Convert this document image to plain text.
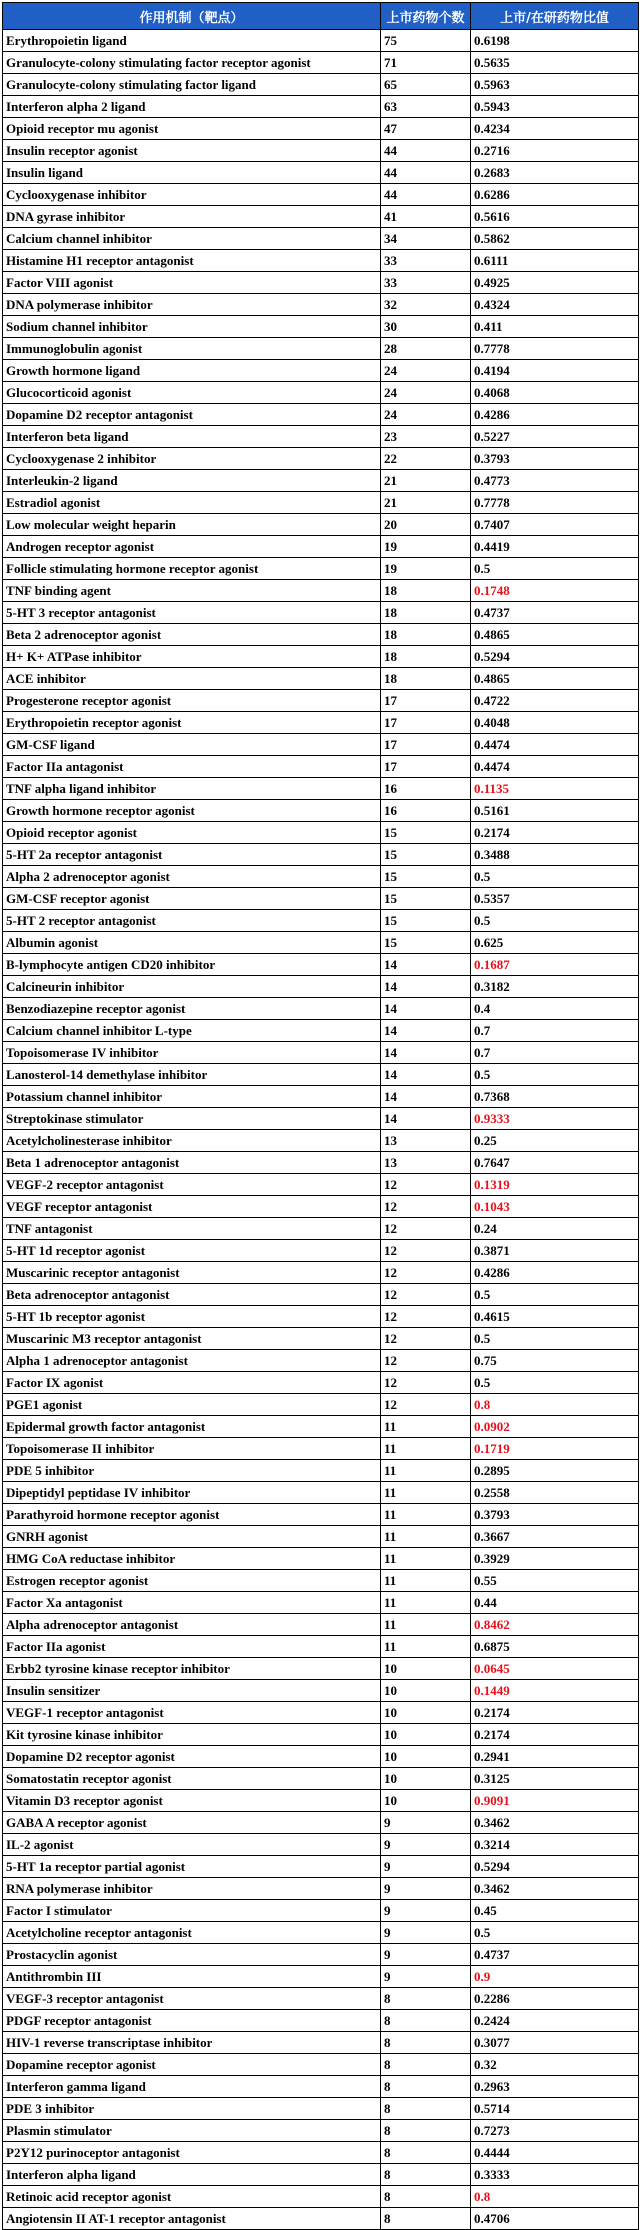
作用机制（靶点）	上市药物个数	上市/在研药物比值
Erythropoietin ligand	75	0.6198
Granulocyte-colony stimulating factor receptor agonist	71	0.5635
Granulocyte-colony stimulating factor ligand	65	0.5963
Interferon alpha 2 ligand	63	0.5943
Opioid receptor mu agonist	47	0.4234
Insulin receptor agonist	44	0.2716
Insulin ligand	44	0.2683
Cyclooxygenase inhibitor	44	0.6286
DNA gyrase inhibitor	41	0.5616
Calcium channel inhibitor	34	0.5862
Histamine H1 receptor antagonist	33	0.6111
Factor VIII agonist	33	0.4925
DNA polymerase inhibitor	32	0.4324
Sodium channel inhibitor	30	0.411
Immunoglobulin agonist	28	0.7778
Growth hormone ligand	24	0.4194
Glucocorticoid agonist	24	0.4068
Dopamine D2 receptor antagonist	24	0.4286
Interferon beta ligand	23	0.5227
Cyclooxygenase 2 inhibitor	22	0.3793
Interleukin-2 ligand	21	0.4773
Estradiol agonist	21	0.7778
Low molecular weight heparin	20	0.7407
Androgen receptor agonist	19	0.4419
Follicle stimulating hormone receptor agonist	19	0.5
TNF binding agent	18	0.1748
5-HT 3 receptor antagonist	18	0.4737
Beta 2 adrenoceptor agonist	18	0.4865
H+ K+ ATPase inhibitor	18	0.5294
ACE inhibitor	18	0.4865
Progesterone receptor agonist	17	0.4722
Erythropoietin receptor agonist	17	0.4048
GM-CSF ligand	17	0.4474
Factor IIa antagonist	17	0.4474
TNF alpha ligand inhibitor	16	0.1135
Growth hormone receptor agonist	16	0.5161
Opioid receptor agonist	15	0.2174
5-HT 2a receptor antagonist	15	0.3488
Alpha 2 adrenoceptor agonist	15	0.5
GM-CSF receptor agonist	15	0.5357
5-HT 2 receptor antagonist	15	0.5
Albumin agonist	15	0.625
B-lymphocyte antigen CD20 inhibitor	14	0.1687
Calcineurin inhibitor	14	0.3182
Benzodiazepine receptor agonist	14	0.4
Calcium channel inhibitor L-type	14	0.7
Topoisomerase IV inhibitor	14	0.7
Lanosterol-14 demethylase inhibitor	14	0.5
Potassium channel inhibitor	14	0.7368
Streptokinase stimulator	14	0.9333
Acetylcholinesterase inhibitor	13	0.25
Beta 1 adrenoceptor antagonist	13	0.7647
VEGF-2 receptor antagonist	12	0.1319
VEGF receptor antagonist	12	0.1043
TNF antagonist	12	0.24
5-HT 1d receptor agonist	12	0.3871
Muscarinic receptor antagonist	12	0.4286
Beta adrenoceptor antagonist	12	0.5
5-HT 1b receptor agonist	12	0.4615
Muscarinic M3 receptor antagonist	12	0.5
Alpha 1 adrenoceptor antagonist	12	0.75
Factor IX agonist	12	0.5
PGE1 agonist	12	0.8
Epidermal growth factor antagonist	11	0.0902
Topoisomerase II inhibitor	11	0.1719
PDE 5 inhibitor	11	0.2895
Dipeptidyl peptidase IV inhibitor	11	0.2558
Parathyroid hormone receptor agonist	11	0.3793
GNRH agonist	11	0.3667
HMG CoA reductase inhibitor	11	0.3929
Estrogen receptor agonist	11	0.55
Factor Xa antagonist	11	0.44
Alpha adrenoceptor antagonist	11	0.8462
Factor IIa agonist	11	0.6875
Erbb2 tyrosine kinase receptor inhibitor	10	0.0645
Insulin sensitizer	10	0.1449
VEGF-1 receptor antagonist	10	0.2174
Kit tyrosine kinase inhibitor	10	0.2174
Dopamine D2 receptor agonist	10	0.2941
Somatostatin receptor agonist	10	0.3125
Vitamin D3 receptor agonist	10	0.9091
GABA A receptor agonist	9	0.3462
IL-2 agonist	9	0.3214
5-HT 1a receptor partial agonist	9	0.5294
RNA polymerase inhibitor	9	0.3462
Factor I stimulator	9	0.45
Acetylcholine receptor antagonist	9	0.5
Prostacyclin agonist	9	0.4737
Antithrombin III	9	0.9
VEGF-3 receptor antagonist	8	0.2286
PDGF receptor antagonist	8	0.2424
HIV-1 reverse transcriptase inhibitor	8	0.3077
Dopamine receptor agonist	8	0.32
Interferon gamma ligand	8	0.2963
PDE 3 inhibitor	8	0.5714
Plasmin stimulator	8	0.7273
P2Y12 purinoceptor antagonist	8	0.4444
Interferon alpha ligand	8	0.3333
Retinoic acid receptor agonist	8	0.8
Angiotensin II AT-1 receptor antagonist	8	0.4706
